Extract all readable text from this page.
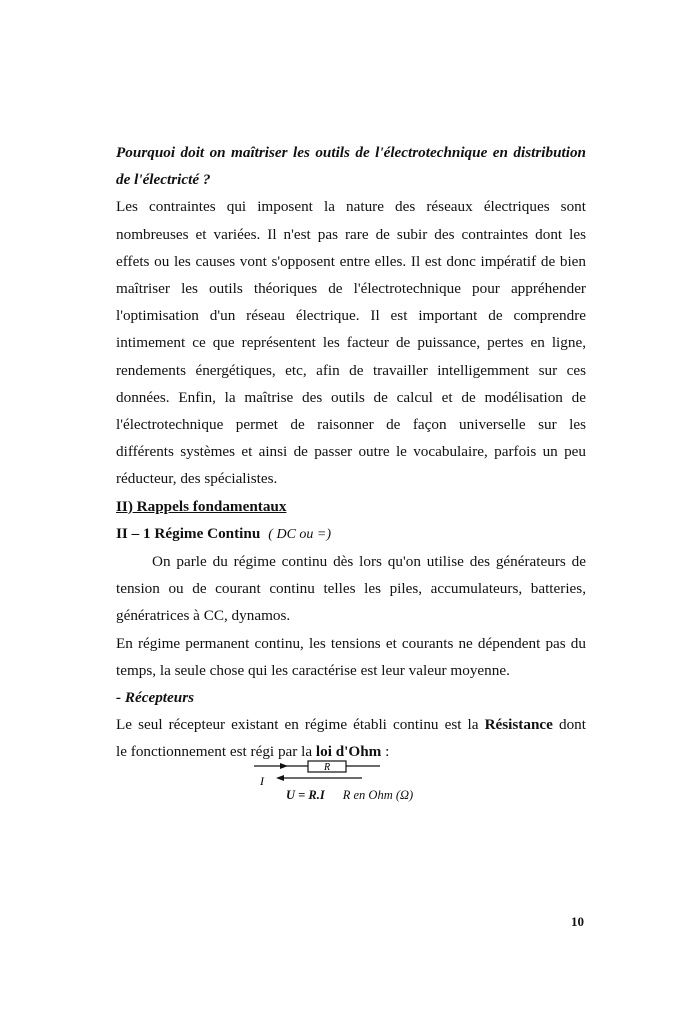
Pourquoi doit on maîtriser les outils de l'électrotechnique en distribution
de l'électricté ?
Les contraintes qui imposent la nature des réseaux électriques sont
nombreuses et variées. Il n'est pas rare de subir des contraintes dont les
effets ou les causes vont s'opposent entre elles. Il est donc impératif de bien
maîtriser les outils théoriques de l'électrotechnique pour appréhender
l'optimisation d'un réseau électrique. Il est important de comprendre
intimement ce que représentent les facteur de puissance, pertes en ligne,
rendements énergétiques, etc, afin de travailler intelligemment sur ces
données. Enfin, la maîtrise des outils de calcul et de modélisation de
l'électrotechnique permet de raisonner de façon universelle sur les
différents systèmes et ainsi de passer outre le vocabulaire, parfois un peu
réducteur, des spécialistes.
II) Rappels fondamentaux
II – 1 Régime Continu ( DC ou =)
On parle du régime continu dès lors qu'on utilise des générateurs de
tension ou de courant continu telles les piles, accumulateurs, batteries,
génératrices à CC, dynamos.
En régime permanent continu, les tensions et courants ne dépendent pas du
temps, la seule chose qui les caractérise est leur valeur moyenne.
- Récepteurs
Le seul récepteur existant en régime établi continu est la Résistance dont
le fonctionnement est régi par la loi d'Ohm :
R
I
U = R.I R en Ohm (Ω)
10
